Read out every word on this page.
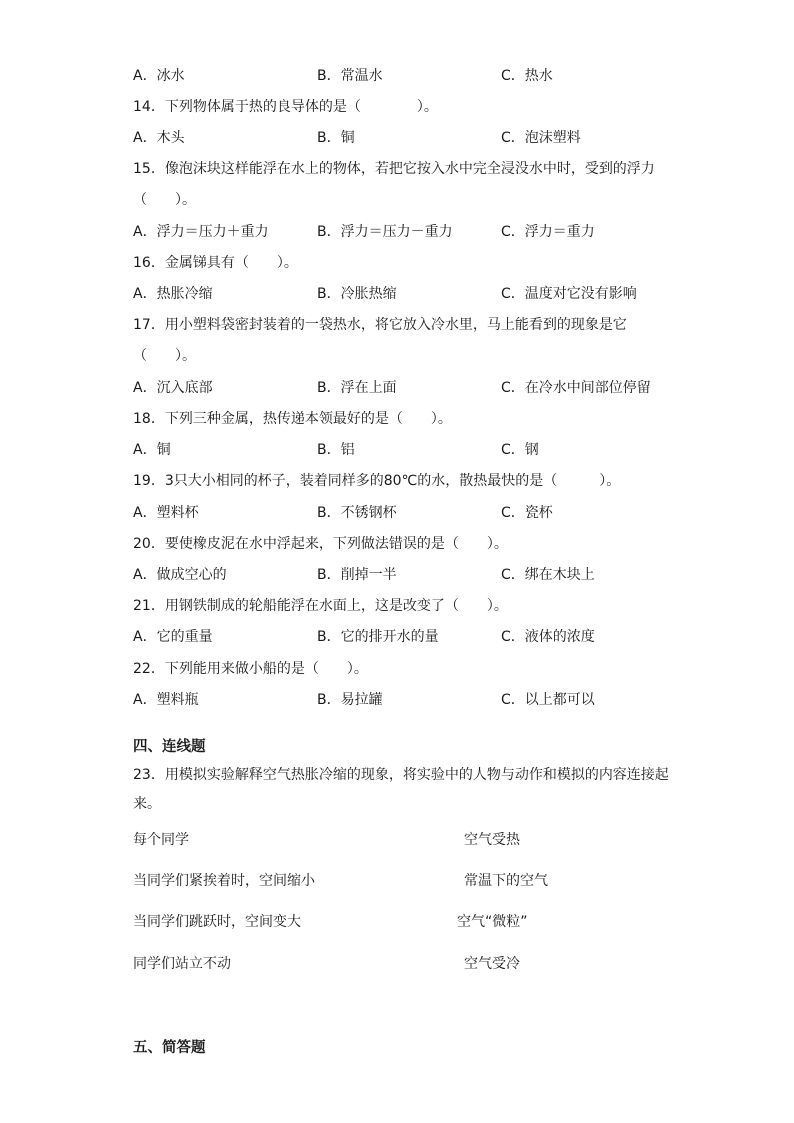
A．冰水	B．常温水	C．热水
14．下列物体属于热的良导体的是（　　　　）。
A．木头	B．铜	C．泡沫塑料
15．像泡沫块这样能浮在水上的物体，若把它按入水中完全浸没水中时，受到的浮力
（　　）。
A．浮力＝压力＋重力	B．浮力＝压力－重力	C．浮力＝重力
16．金属锑具有（　　）。
A．热胀冷缩	B．冷胀热缩	C．温度对它没有影响
17．用小塑料袋密封装着的一袋热水，将它放入冷水里，马上能看到的现象是它
（　　）。
A．沉入底部	B．浮在上面	C．在冷水中间部位停留
18．下列三种金属，热传递本领最好的是（　　）。
A．铜	B．铝	C．钢
19．3只大小相同的杯子，装着同样多的80℃的水，散热最快的是（　　　）。
A．塑料杯	B．不锈钢杯	C．瓷杯
20．要使橡皮泥在水中浮起来，下列做法错误的是（　　）。
A．做成空心的	B．削掉一半	C．绑在木块上
21．用钢铁制成的轮船能浮在水面上，这是改变了（　　）。
A．它的重量	B．它的排开水的量	C．液体的浓度
22．下列能用来做小船的是（　　）。
A．塑料瓶	B．易拉罐	C．以上都可以
四、连线题
23．用模拟实验解释空气热胀冷缩的现象，将实验中的人物与动作和模拟的内容连接起
来。
每个同学	空气受热
当同学们紧挨着时，空间缩小	常温下的空气
当同学们跳跃时，空间变大	空气“微粒”
同学们站立不动	空气受冷
五、简答题
